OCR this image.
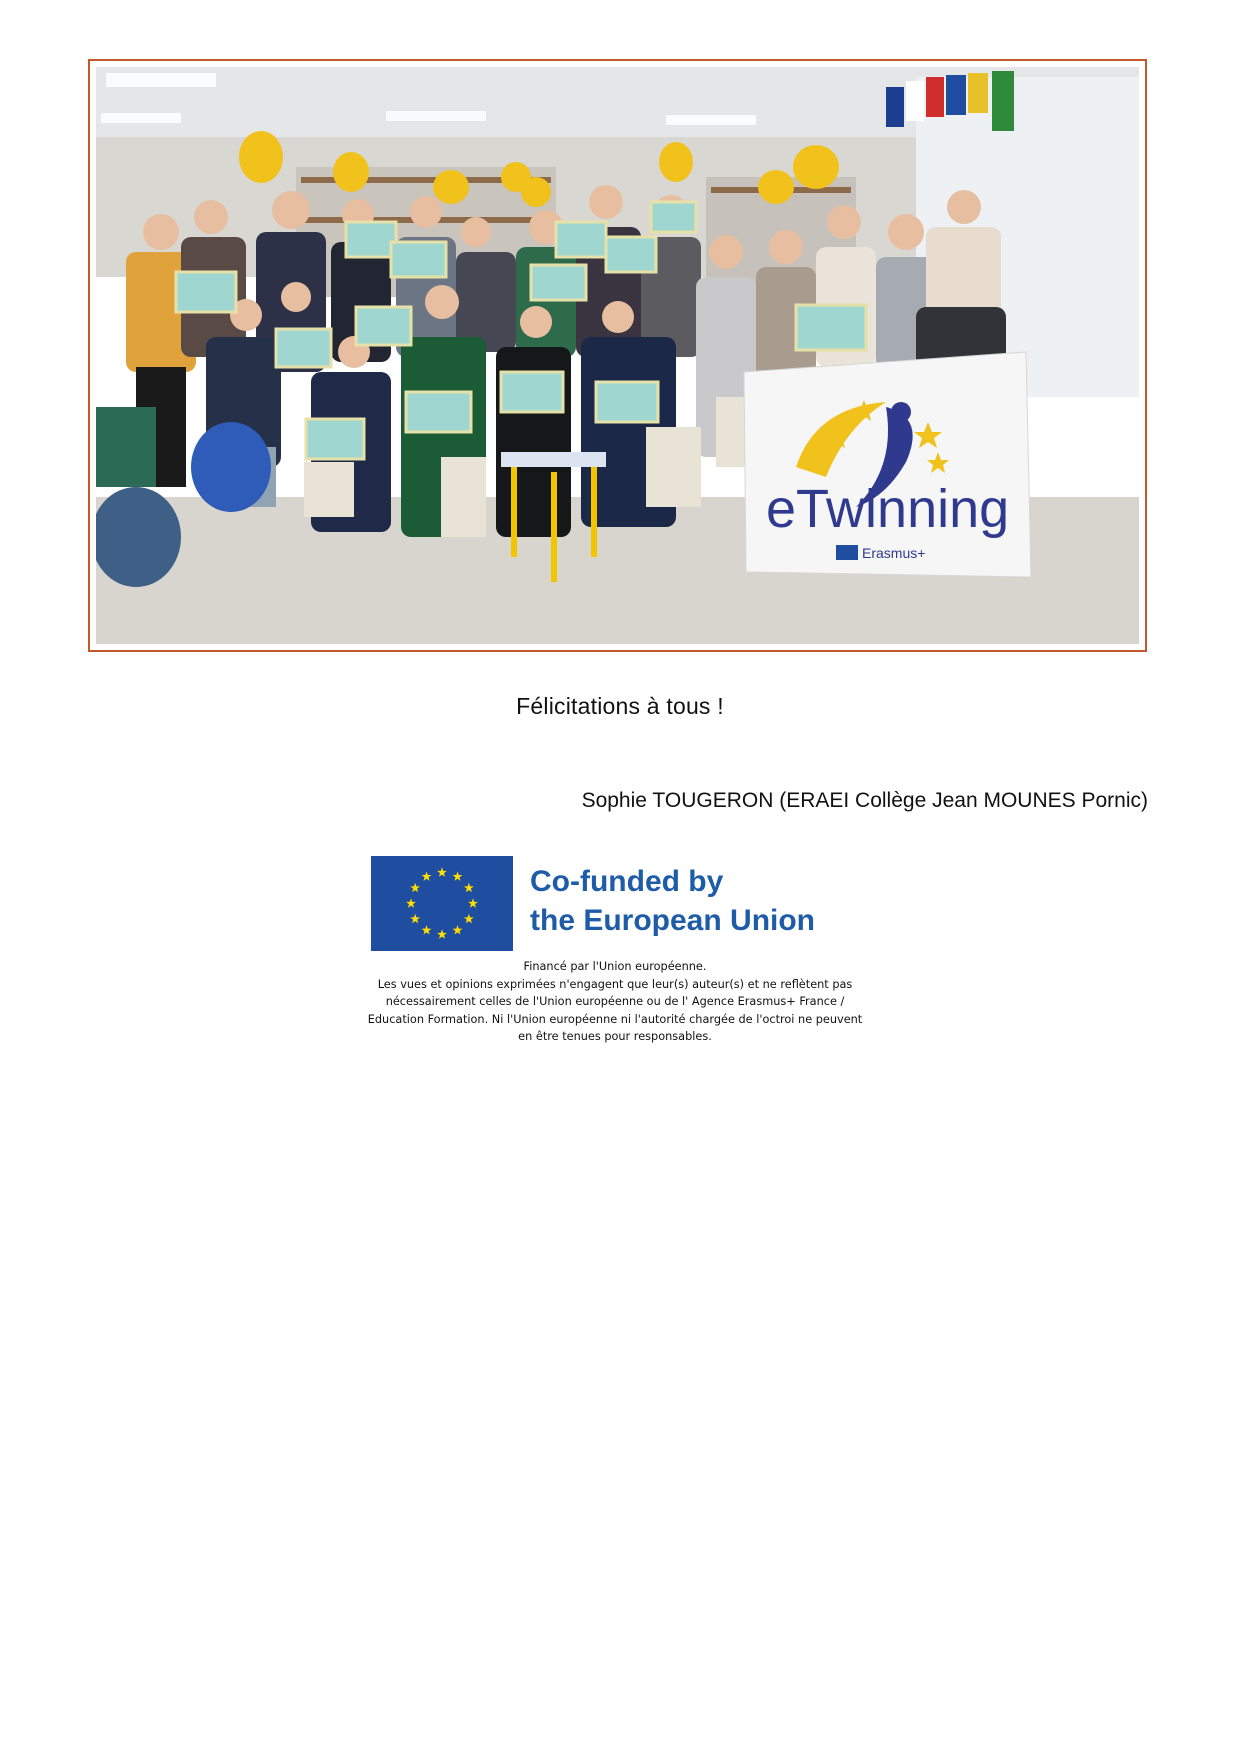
eTwinning
Erasmus+
Félicitations à tous !
Sophie TOUGERON (ERAEI Collège Jean MOUNES Pornic)
Co-funded by
the European Union
Financé par l'Union européenne.
Les vues et opinions exprimées n'engagent que leur(s) auteur(s) et ne reflètent pas
nécessairement celles de l'Union européenne ou de l' Agence Erasmus+ France /
Education Formation. Ni l'Union européenne ni l'autorité chargée de l'octroi ne peuvent
en être tenues pour responsables.
